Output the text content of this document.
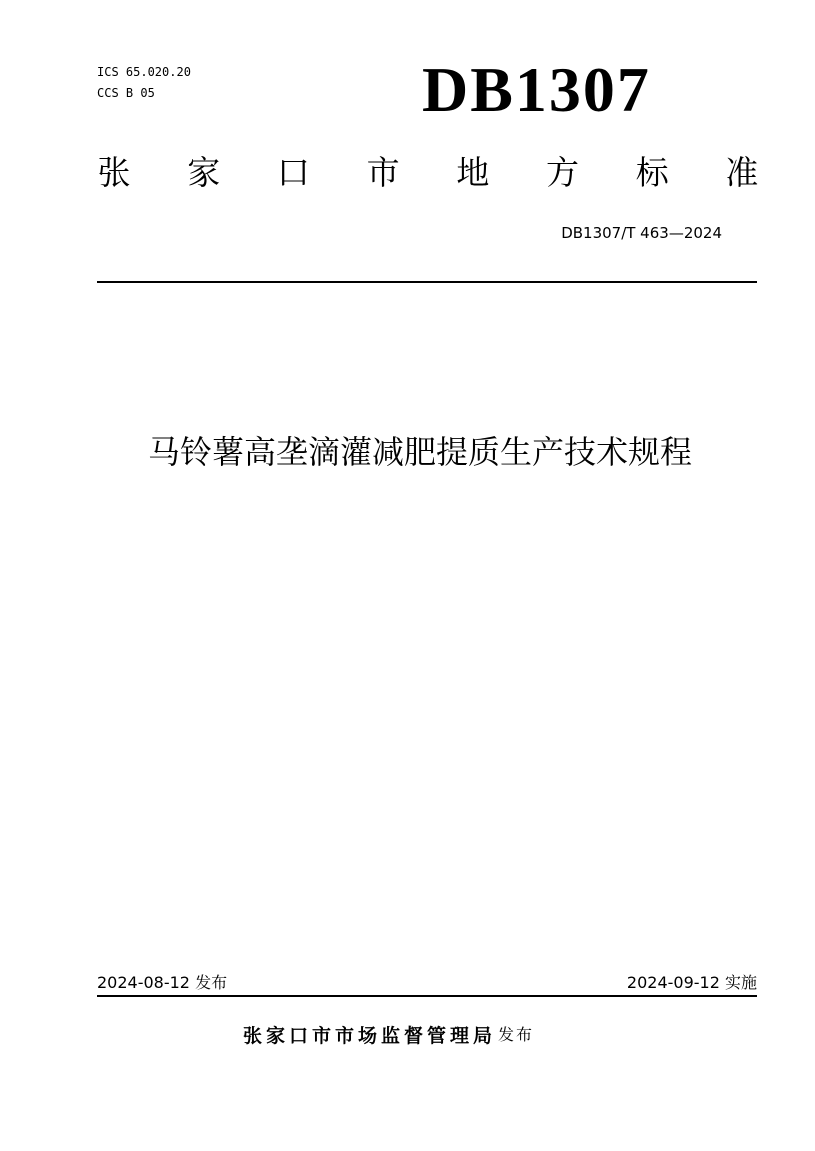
ICS 65.020.20
CCS B 05	DB1307
张 家 口 市 地 方 标 准
DB1307/T 463—2024
马铃薯高垄滴灌减肥提质生产技术规程
2024-08-12 发布	2024-09-12 实施
张家口市市场监督管理局 发布
